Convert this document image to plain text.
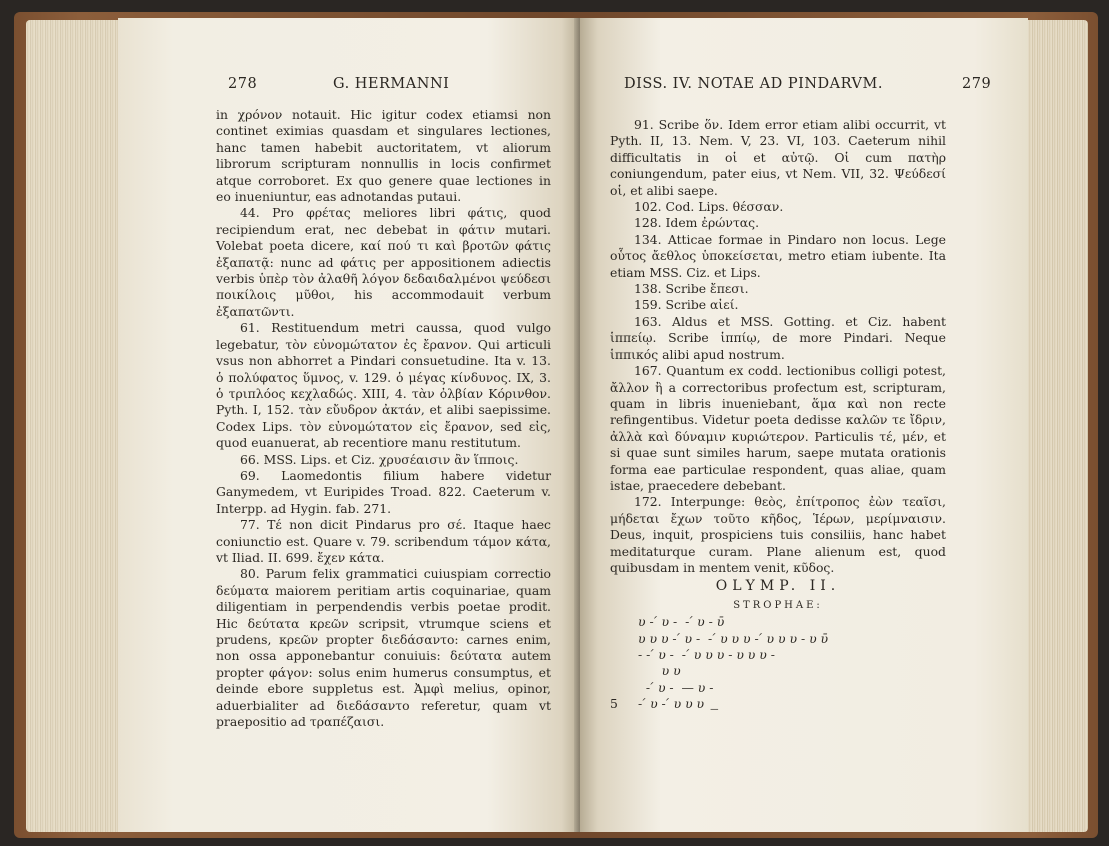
278	G. HERMANNI

in χρόνον notauit. Hic igitur codex etiamsi non continet eximias quasdam et singulares lectiones, hanc tamen habebit auctoritatem, vt aliorum librorum scripturam nonnullis in locis confirmet atque corroboret. Ex quo genere quae lectiones in eo inueniuntur, eas adnotandas putaui.

44. Pro φρέτας meliores libri φάτις, quod recipiendum erat, nec debebat in φάτιν mutari. Volebat poeta dicere, καί πού τι καὶ βροτῶν φάτις ἐξαπατᾷ: nunc ad φάτις per appositionem adiectis verbis ὑπὲρ τὸν ἀλαθῆ λόγον δεδαιδαλμένοι ψεύδεσι ποικίλοις μῦθοι, his accommodauit verbum ἐξαπατῶντι.

61. Restituendum metri caussa, quod vulgo legebatur, τὸν εὐνομώτατον ἐς ἔρανον. Qui articuli vsus non abhorret a Pindari consuetudine. Ita v. 13. ὁ πολύφατος ὕμνος, v. 129. ὁ μέγας κίνδυνος. IX, 3. ὁ τριπλόος κεχλαδώς. XIII, 4. τὰν ὀλβίαν Κόρινθον. Pyth. I, 152. τὰν εὔυδρον ἀκτάν, et alibi saepissime. Codex Lips. τὸν εὐνομώτατον εἰς ἔρανον, sed εἰς, quod euanuerat, ab recentiore manu restitutum.

66. MSS. Lips. et Ciz. χρυσέαισιν ἂν ἵπποις.

69. Laomedontis filium habere videtur Ganymedem, vt Euripides Troad. 822. Caeterum v. Interpp. ad Hygin. fab. 271.

77. Τέ non dicit Pindarus pro σέ. Itaque haec coniunctio est. Quare v. 79. scribendum τάμον κάτα, vt Iliad. II. 699. ἔχεν κάτα.

80. Parum felix grammatici cuiuspiam correctio δεύματα maiorem peritiam artis coquinariae, quam diligentiam in perpendendis verbis poetae prodit. Hic δεύτατα κρεῶν scripsit, vtrumque sciens et prudens, κρεῶν propter διεδάσαντο: carnes enim, non ossa apponebantur conuiuis: δεύτατα autem propter φάγον: solus enim humerus consumptus, et deinde ebore suppletus est. Ἀμφὶ melius, opinor, aduerbialiter ad διεδάσαντο referetur, quam vt praepositio ad τραπέζαισι.

DISS. IV. NOTAE AD PINDARVM.	279

91. Scribe ὅν. Idem error etiam alibi occurrit, vt Pyth. II, 13. Nem. V, 23. VI, 103. Caeterum nihil difficultatis in οἱ et αὐτῷ. Οἱ cum πατὴρ coniungendum, pater eius, vt Nem. VII, 32. Ψεύδεσί οἱ, et alibi saepe.

102. Cod. Lips. θέσσαν.

128. Idem ἐρώντας.

134. Atticae formae in Pindaro non locus. Lege οὗτος ἄεθλος ὑποκείσεται, metro etiam iubente. Ita etiam MSS. Ciz. et Lips.

138. Scribe ἔπεσι.

159. Scribe αἰεί.

163. Aldus et MSS. Gotting. et Ciz. habent ἱππείῳ. Scribe ἱππίῳ, de more Pindari. Neque ἱππικός alibi apud nostrum.

167. Quantum ex codd. lectionibus colligi potest, ἄλλον ἢ a correctoribus profectum est, scripturam, quam in libris inueniebant, ἅμα καὶ non recte refingentibus. Videtur poeta dedisse καλῶν τε ἴδριν, ἀλλὰ καὶ δύναμιν κυριώτερον. Particulis τέ, μέν, et si quae sunt similes harum, saepe mutata orationis forma eae particulae respondent, quas aliae, quam istae, praecedere debebant.

172. Interpunge: θεὸς, ἐπίτροπος ἐὼν τεαῖσι, μήδεται ἔχων τοῦτο κῆδος, Ἱέρων, μερίμναισιν. Deus, inquit, prospiciens tuis consiliis, hanc habet meditaturque curam. Plane alienum est, quod quibusdam in mentem venit, κῦδος.

OLYMP. II.
STROPHAE:
υ - ́ υ -  - ́ υ - ῡ
υ υ υ - ́ υ -  - ́ υ υ υ - ́ υ υ υ - υ ῡ
- - ́ υ -  - ́ υ υ υ - υ υ υ -
υ υ
- ́ υ -  — υ -
5 - ́ υ - ́ υ υ υ  ͟
